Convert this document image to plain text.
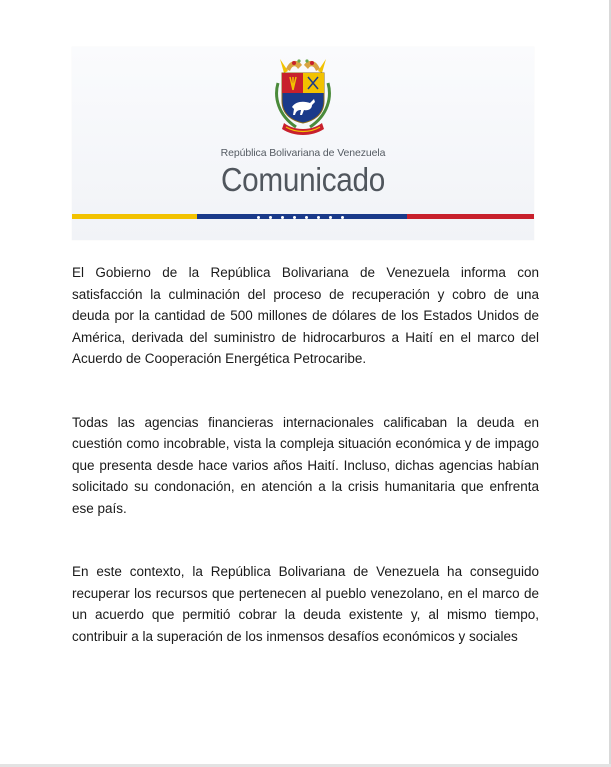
República Bolivariana de Venezuela
Comunicado

El Gobierno de la República Bolivariana de Venezuela informa con satisfacción la culminación del proceso de recuperación y cobro de una deuda por la cantidad de 500 millones de dólares de los Estados Unidos de América, derivada del suministro de hidrocarburos a Haití en el marco del Acuerdo de Cooperación Energética Petrocaribe.

Todas las agencias financieras internacionales calificaban la deuda en cuestión como incobrable, vista la compleja situación económica y de impago que presenta desde hace varios años Haití. Incluso, dichas agencias habían solicitado su condonación, en atención a la crisis humanitaria que enfrenta ese país.

En este contexto, la República Bolivariana de Venezuela ha conseguido recuperar los recursos que pertenecen al pueblo venezolano, en el marco de un acuerdo que permitió cobrar la deuda existente y, al mismo tiempo, contribuir a la superación de los inmensos desafíos económicos y sociales
